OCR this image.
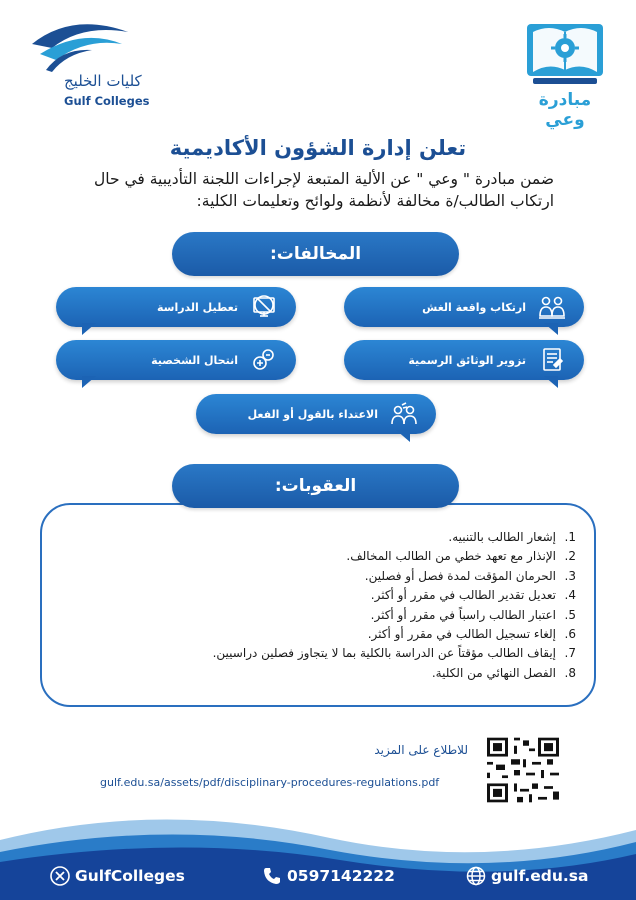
مبادرة وعي
كليات الخليج
Gulf Colleges
تعلن إدارة الشؤون الأكاديمية

ضمن مبادرة " وعي " عن الألية المتبعة لإجراءات اللجنة التأديبية في حال ارتكاب الطالب/ة مخالفة لأنظمة ولوائح وتعليمات الكلية:

المخالفات:
ارتكاب واقعة الغش
تعطيل الدراسة
تزوير الوثائق الرسمية
انتحال الشخصية
الاعتداء بالقول أو الفعل
1.
إشعار الطالب بالتنبيه.
2.
الإنذار مع تعهد خطي من الطالب المخالف.
3.
الحرمان المؤقت لمدة فصل أو فصلين.
4.
تعديل تقدير الطالب في مقرر أو أكثر.
5.
اعتبار الطالب راسباً في مقرر أو أكثر.
6.
إلغاء تسجيل الطالب في مقرر أو أكثر.
7.
إيقاف الطالب مؤقتاً عن الدراسة بالكلية بما لا يتجاوز فصلين دراسيين.
8.
الفصل النهائي من الكلية.
العقوبات:
للاطلاع على المزيد
gulf.edu.sa/assets/pdf/disciplinary-procedures-regulations.pdf
GulfColleges	0597142222	gulf.edu.sa
